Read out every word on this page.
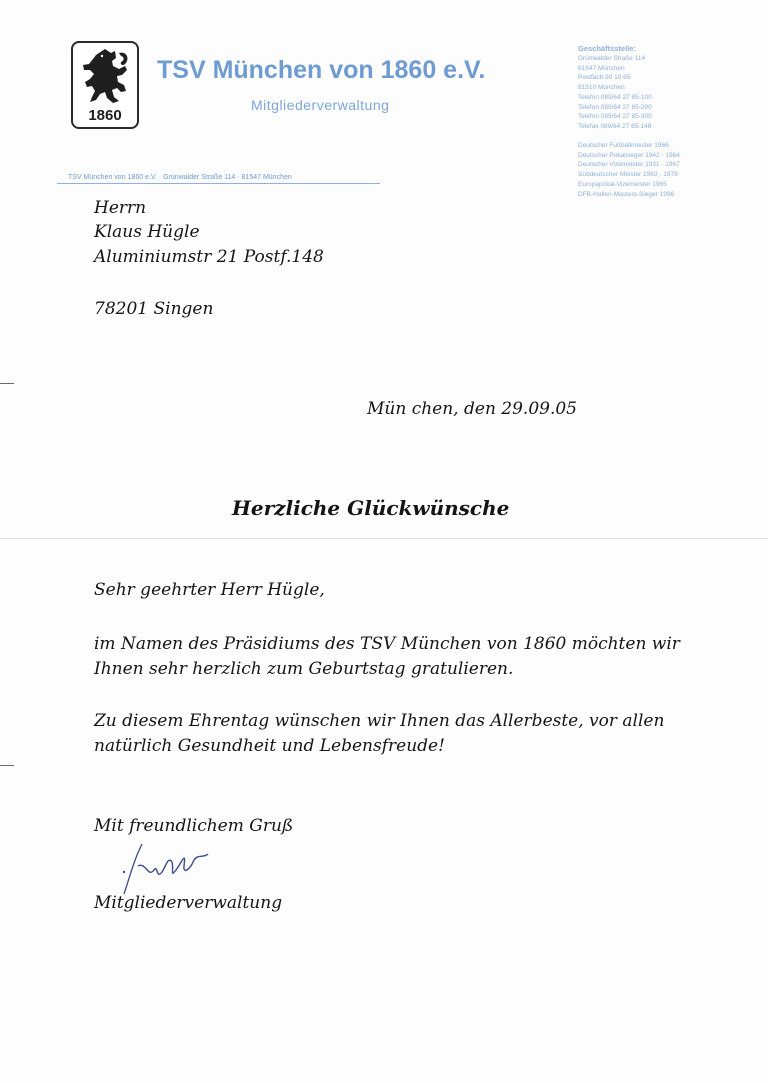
1860
TSV München von 1860 e.V.
Mitgliederverwaltung
TSV München von 1860 e.V. · Grünwalder Straße 114 · 81547 München
Geschäftsstelle:
Grünwalder Straße 114
81547 München
Postfach 90 10 65
81510 München
Telefon 089/64 27 85-100
Telefon 089/64 27 85-200
Telefon 089/64 27 85-300
Telefax 089/64 27 85-148
Deutscher Fußballmeister 1966
Deutscher Pokalsieger 1942 · 1964
Deutscher Vizemeister 1931 · 1967
Süddeutscher Meister 1963 · 1979
Europapokal-Vizemeister 1965
DFB-Hallen-Masters-Sieger 1996
Herrn
Klaus Hügle
Aluminiumstr 21 Postf.148
78201 Singen
Mün chen, den 29.09.05
Herzliche Glückwünsche
Sehr geehrter Herr Hügle,
im Namen des Präsidiums des TSV München von 1860 möchten wir
Ihnen sehr herzlich zum Geburtstag gratulieren.
Zu diesem Ehrentag wünschen wir Ihnen das Allerbeste, vor allen
natürlich Gesundheit und Lebensfreude!
Mit freundlichem Gruß
Mitgliederverwaltung
